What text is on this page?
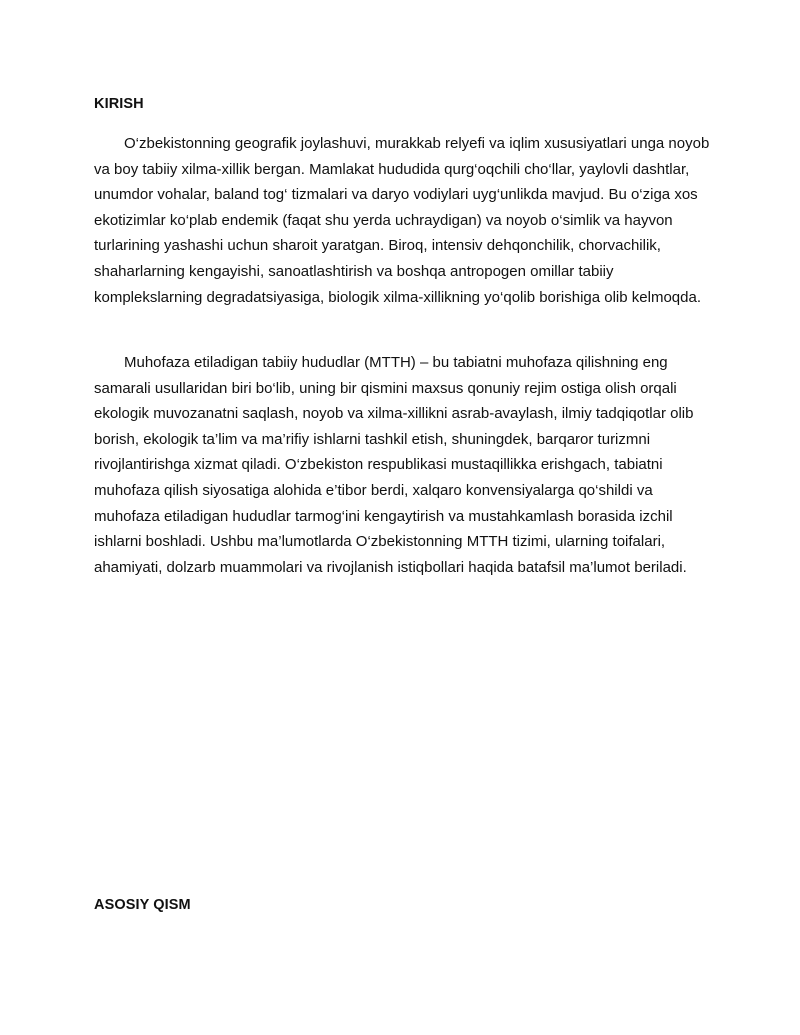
KIRISH

O‘zbekistonning geografik joylashuvi, murakkab relyefi va iqlim xususiyatlari unga noyob va boy tabiiy xilma-xillik bergan. Mamlakat hududida qurg‘oqchili cho‘llar, yaylovli dashtlar, unumdor vohalar, baland tog‘ tizmalari va daryo vodiylari uyg‘unlikda mavjud. Bu o‘ziga xos ekotizimlar ko‘plab endemik (faqat shu yerda uchraydigan) va noyob o‘simlik va hayvon turlarining yashashi uchun sharoit yaratgan. Biroq, intensiv dehqonchilik, chorvachilik, shaharlarning kengayishi, sanoatlashtirish va boshqa antropogen omillar tabiiy komplekslarning degradatsiyasiga, biologik xilma-xillikning yo‘qolib borishiga olib kelmoqda.

Muhofaza etiladigan tabiiy hududlar (MTTH) – bu tabiatni muhofaza qilishning eng samarali usullaridan biri bo‘lib, uning bir qismini maxsus qonuniy rejim ostiga olish orqali ekologik muvozanatni saqlash, noyob va xilma-xillikni asrab-avaylash, ilmiy tadqiqotlar olib borish, ekologik ta’lim va ma’rifiy ishlarni tashkil etish, shuningdek, barqaror turizmni rivojlantirishga xizmat qiladi. O‘zbekiston respublikasi mustaqillikka erishgach, tabiatni muhofaza qilish siyosatiga alohida e’tibor berdi, xalqaro konvensiyalarga qo‘shildi va muhofaza etiladigan hududlar tarmog‘ini kengaytirish va mustahkamlash borasida izchil ishlarni boshladi. Ushbu ma’lumotlarda O‘zbekistonning MTTH tizimi, ularning toifalari, ahamiyati, dolzarb muammolari va rivojlanish istiqbollari haqida batafsil ma’lumot beriladi.

ASOSIY QISM
